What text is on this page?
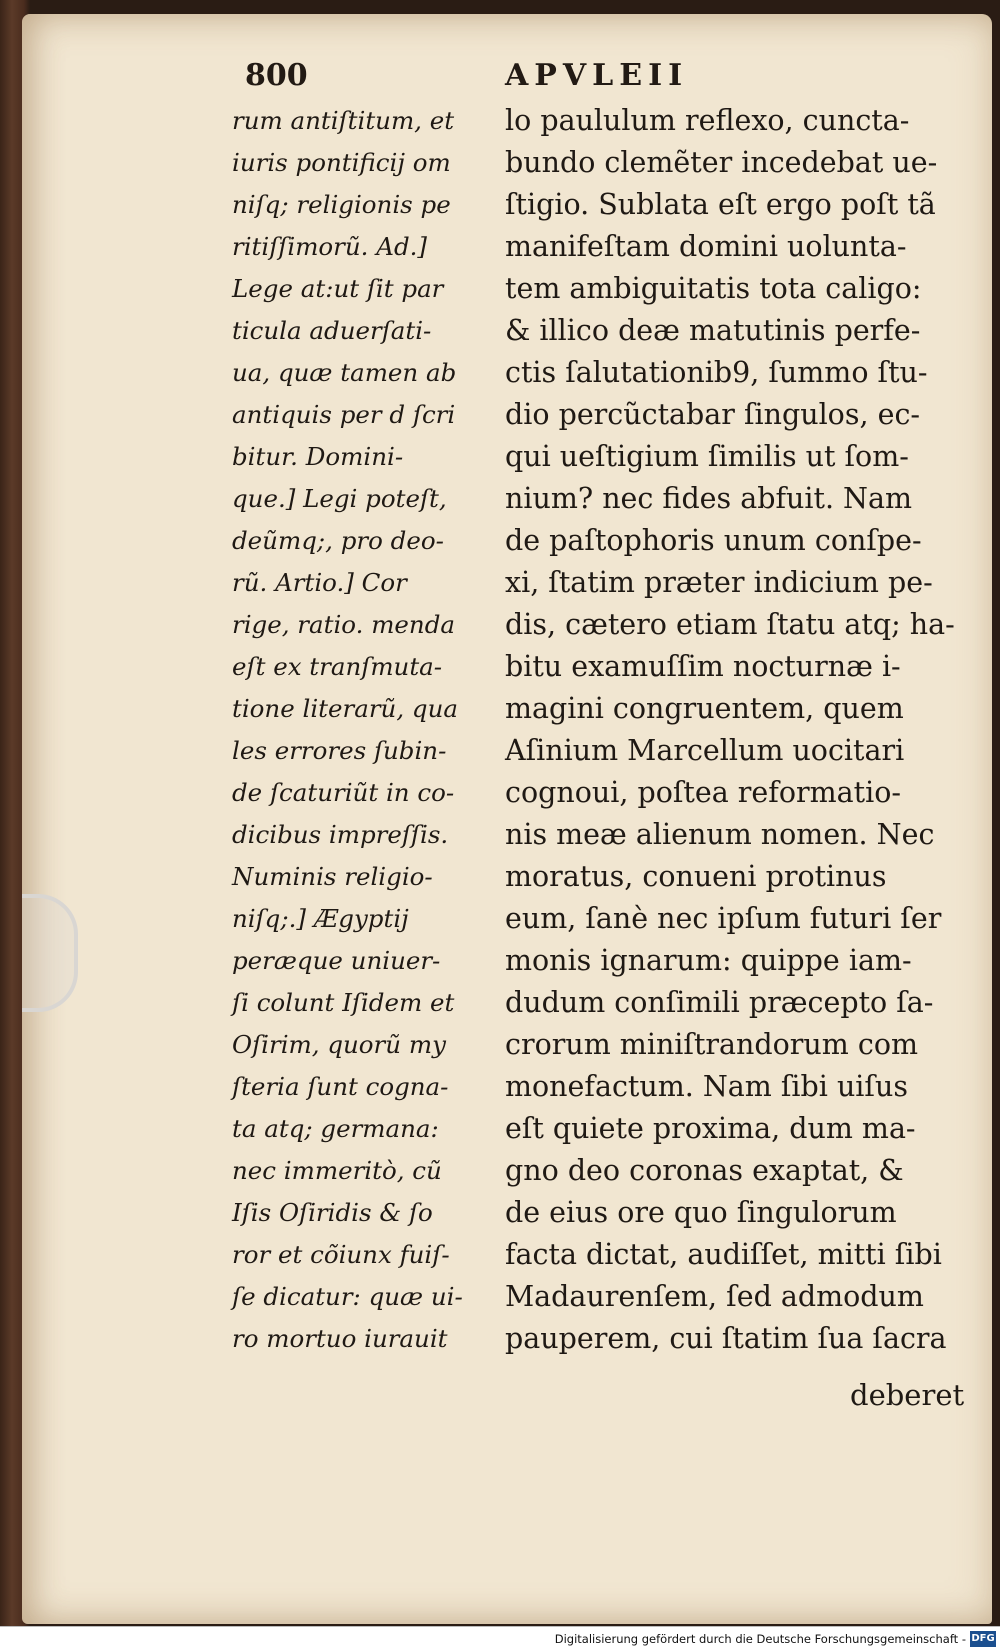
800	APVLEII
rum antiſtitum, et
iuris pontificij om
niſq; religionis pe
ritiſſimorũ. Ad.]
Lege at:ut ſit par
ticula aduerſati-
ua, quæ tamen ab
antiquis per d ſcri
bitur. Domini-
que.] Legi poteſt,
deũmq;, pro deo-
rũ. Artio.] Cor
rige, ratio. menda
eſt ex tranſmuta-
tione literarũ, qua
les errores ſubin-
de ſcaturiũt in co-
dicibus impreſſis.
Numinis religio-
niſq;.] Ægyptij
peræque uniuer-
ſi colunt Iſidem et
Oſirim, quorũ my
ſteria ſunt cogna-
ta atq; germana:
nec immeritò, cũ
Iſis Oſiridis & ſo
ror et cõiunx fuiſ-
ſe dicatur: quæ ui-
ro mortuo iurauit
lo paululum reflexo, cuncta-
bundo clemẽter incedebat ue-
ſtigio. Sublata eſt ergo poſt tã
manifeſtam domini uolunta-
tem ambiguitatis tota caligo:
& illico deæ matutinis perfe-
ctis ſalutationib9, ſummo ſtu-
dio percũctabar ſingulos, ec-
qui ueſtigium ſimilis ut ſom-
nium? nec fides abfuit. Nam
de paſtophoris unum conſpe-
xi, ſtatim præter indicium pe-
dis, cætero etiam ſtatu atq; ha-
bitu examuſſim nocturnæ i-
magini congruentem, quem
Aſinium Marcellum uocitari
cognoui, poſtea reformatio-
nis meæ alienum nomen. Nec
moratus, conueni protinus
eum, ſanè nec ipſum futuri ſer
monis ignarum: quippe iam-
dudum conſimili præcepto ſa-
crorum miniſtrandorum com
monefactum. Nam ſibi uiſus
eſt quiete proxima, dum ma-
gno deo coronas exaptat, &
de eius ore quo ſingulorum
facta dictat, audiſſet, mitti ſibi
Madaurenſem, ſed admodum
pauperem, cui ſtatim ſua ſacra
deberet
Digitalisierung gefördert durch die Deutsche Forschungsgemeinschaft - DFG
